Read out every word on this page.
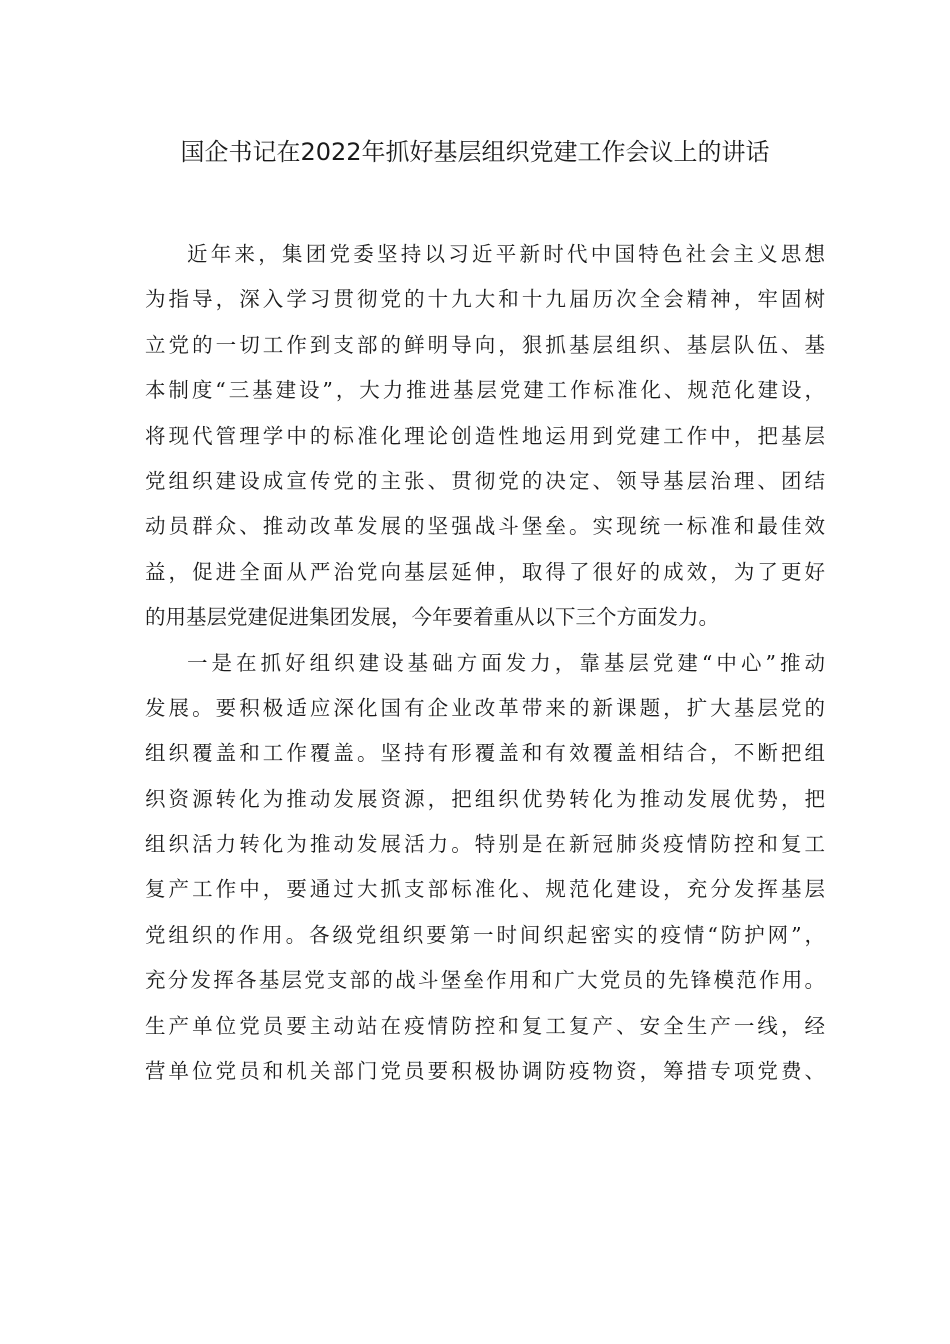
国企书记在2022年抓好基层组织党建工作会议上的讲话
近年来，集团党委坚持以习近平新时代中国特色社会主义思想
为指导，深入学习贯彻党的十九大和十九届历次全会精神，牢固树
立党的一切工作到支部的鲜明导向，狠抓基层组织、基层队伍、基
本制度“三基建设”，大力推进基层党建工作标准化、规范化建设，
将现代管理学中的标准化理论创造性地运用到党建工作中，把基层
党组织建设成宣传党的主张、贯彻党的决定、领导基层治理、团结
动员群众、推动改革发展的坚强战斗堡垒。实现统一标准和最佳效
益，促进全面从严治党向基层延伸，取得了很好的成效，为了更好
的用基层党建促进集团发展，今年要着重从以下三个方面发力。
一是在抓好组织建设基础方面发力，靠基层党建“中心”推动
发展。要积极适应深化国有企业改革带来的新课题，扩大基层党的
组织覆盖和工作覆盖。坚持有形覆盖和有效覆盖相结合，不断把组
织资源转化为推动发展资源，把组织优势转化为推动发展优势，把
组织活力转化为推动发展活力。特别是在新冠肺炎疫情防控和复工
复产工作中，要通过大抓支部标准化、规范化建设，充分发挥基层
党组织的作用。各级党组织要第一时间织起密实的疫情“防护网”，
充分发挥各基层党支部的战斗堡垒作用和广大党员的先锋模范作用。
生产单位党员要主动站在疫情防控和复工复产、安全生产一线，经
营单位党员和机关部门党员要积极协调防疫物资，筹措专项党费、
